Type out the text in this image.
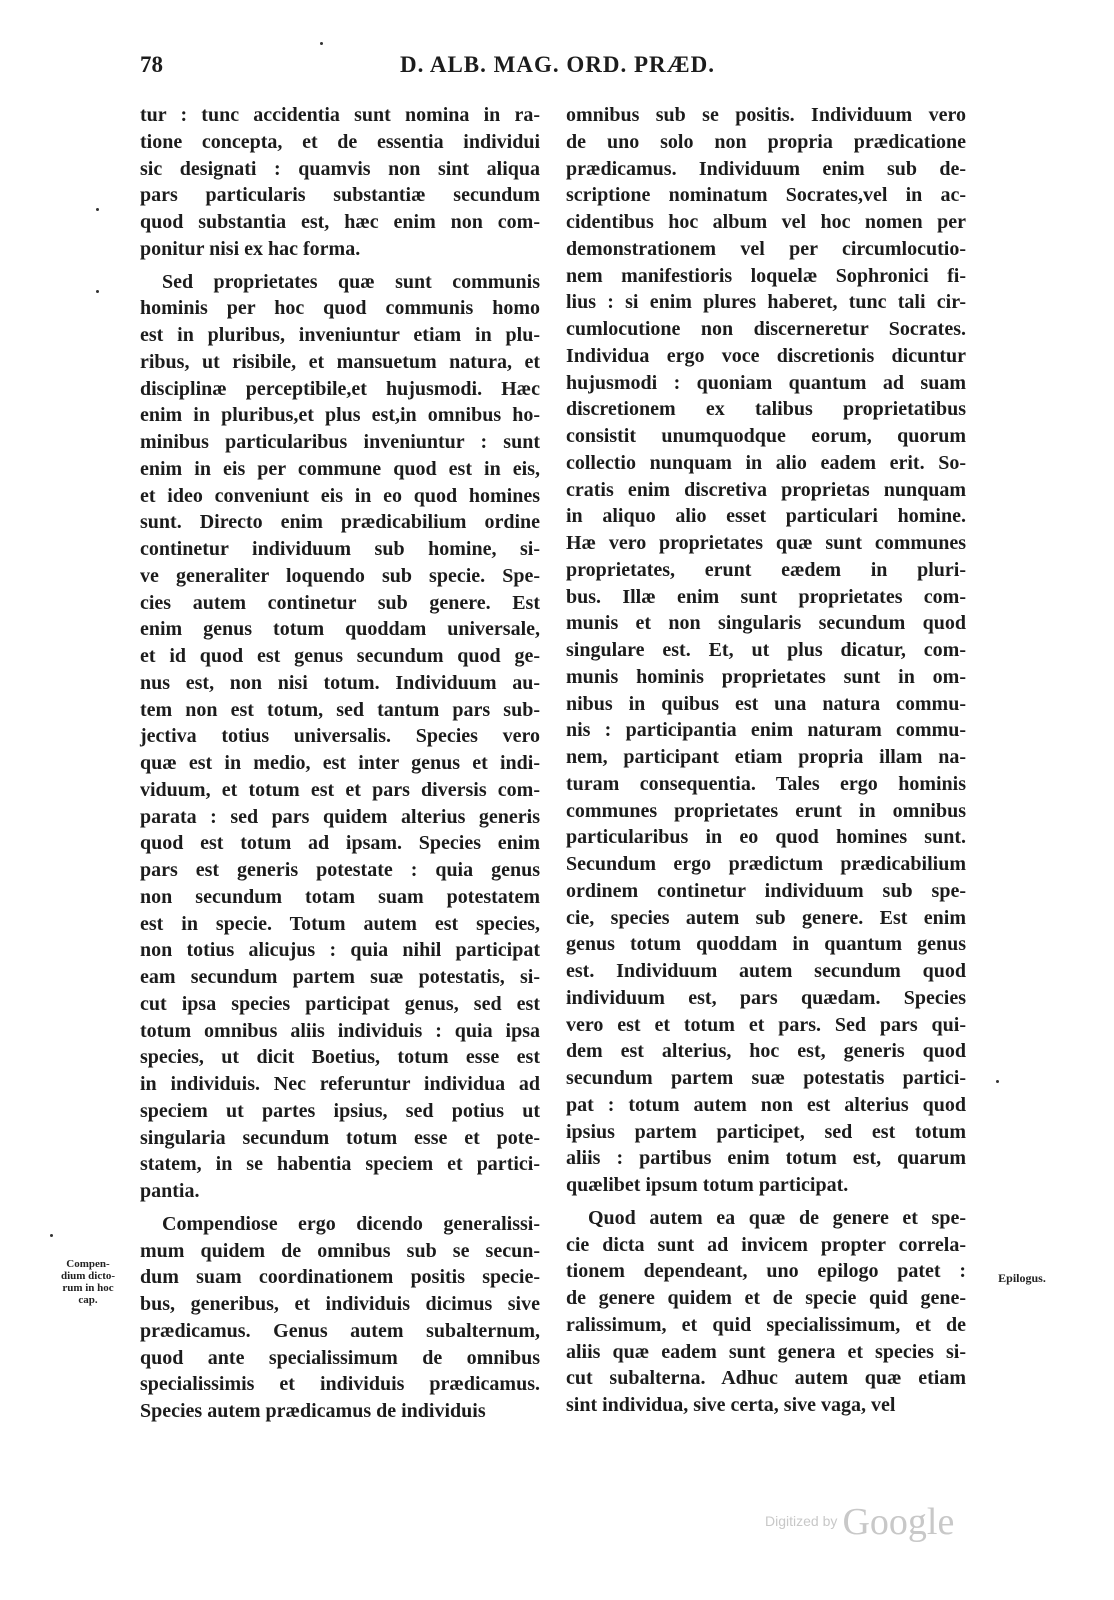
78	D. ALB. MAG. ORD. PRÆD.
tur : tunc accidentia sunt nomina in ra-
tione concepta, et de essentia individui
sic designati : quamvis non sint aliqua
pars particularis substantiæ secundum
quod substantia est, hæc enim non com-
ponitur nisi ex hac forma.
Sed proprietates quæ sunt communis
hominis per hoc quod communis homo
est in pluribus, inveniuntur etiam in plu-
ribus, ut risibile, et mansuetum natura, et
disciplinæ perceptibile,et hujusmodi. Hæc
enim in pluribus,et plus est,in omnibus ho-
minibus particularibus inveniuntur : sunt
enim in eis per commune quod est in eis,
et ideo conveniunt eis in eo quod homines
sunt. Directo enim prædicabilium ordine
continetur individuum sub homine, si-
ve generaliter loquendo sub specie. Spe-
cies autem continetur sub genere. Est
enim genus totum quoddam universale,
et id quod est genus secundum quod ge-
nus est, non nisi totum. Individuum au-
tem non est totum, sed tantum pars sub-
jectiva totius universalis. Species vero
quæ est in medio, est inter genus et indi-
viduum, et totum est et pars diversis com-
parata : sed pars quidem alterius generis
quod est totum ad ipsam. Species enim
pars est generis potestate : quia genus
non secundum totam suam potestatem
est in specie. Totum autem est species,
non totius alicujus : quia nihil participat
eam secundum partem suæ potestatis, si-
cut ipsa species participat genus, sed est
totum omnibus aliis individuis : quia ipsa
species, ut dicit Boetius, totum esse est
in individuis. Nec referuntur individua ad
speciem ut partes ipsius, sed potius ut
singularia secundum totum esse et pote-
statem, in se habentia speciem et partici-
pantia.
Compendiose ergo dicendo generalissi-
mum quidem de omnibus sub se secun-
dum suam coordinationem positis specie-
bus, generibus, et individuis dicimus sive
prædicamus. Genus autem subalternum,
quod ante specialissimum de omnibus
specialissimis et individuis prædicamus.
Species autem prædicamus de individuis
omnibus sub se positis. Individuum vero
de uno solo non propria prædicatione
prædicamus. Individuum enim sub de-
scriptione nominatum Socrates,vel in ac-
cidentibus hoc album vel hoc nomen per
demonstrationem vel per circumlocutio-
nem manifestioris loquelæ Sophronici fi-
lius : si enim plures haberet, tunc tali cir-
cumlocutione non discerneretur Socrates.
Individua ergo voce discretionis dicuntur
hujusmodi : quoniam quantum ad suam
discretionem ex talibus proprietatibus
consistit unumquodque eorum, quorum
collectio nunquam in alio eadem erit. So-
cratis enim discretiva proprietas nunquam
in aliquo alio esset particulari homine.
Hæ vero proprietates quæ sunt communes
proprietates, erunt eædem in pluri-
bus. Illæ enim sunt proprietates com-
munis et non singularis secundum quod
singulare est. Et, ut plus dicatur, com-
munis hominis proprietates sunt in om-
nibus in quibus est una natura commu-
nis : participantia enim naturam commu-
nem, participant etiam propria illam na-
turam consequentia. Tales ergo hominis
communes proprietates erunt in omnibus
particularibus in eo quod homines sunt.
Secundum ergo prædictum prædicabilium
ordinem continetur individuum sub spe-
cie, species autem sub genere. Est enim
genus totum quoddam in quantum genus
est. Individuum autem secundum quod
individuum est, pars quædam. Species
vero est et totum et pars. Sed pars qui-
dem est alterius, hoc est, generis quod
secundum partem suæ potestatis partici-
pat : totum autem non est alterius quod
ipsius partem participet, sed est totum
aliis : partibus enim totum est, quarum
quælibet ipsum totum participat.
Quod autem ea quæ de genere et spe-
cie dicta sunt ad invicem propter correla-
tionem dependeant, uno epilogo patet :
de genere quidem et de specie quid gene-
ralissimum, et quid specialissimum, et de
aliis quæ eadem sunt genera et species si-
cut subalterna. Adhuc autem quæ etiam
sint individua, sive certa, sive vaga, vel
Compen-
dium dicto-
rum in hoc
cap.
Epilogus.
Digitized by Google
